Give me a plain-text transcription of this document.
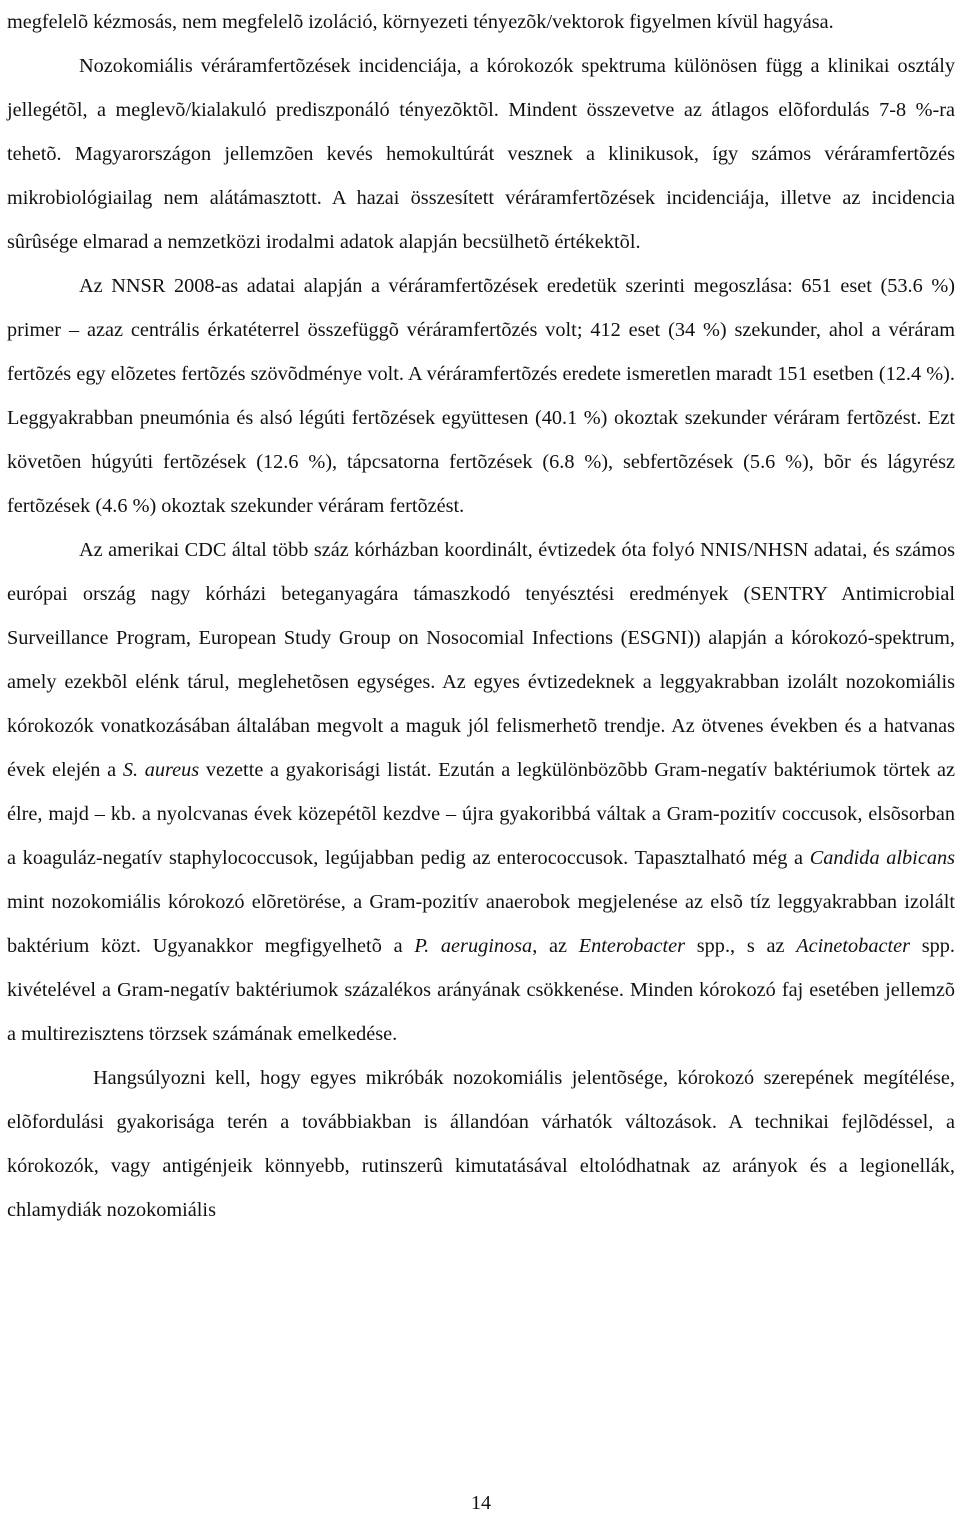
megfelelõ kézmosás, nem megfelelõ izoláció, környezeti tényezõk/vektorok figyelmen kívül hagyása.

Nozokomiális véráramfertõzések incidenciája, a kórokozók spektruma különösen függ a klinikai osztály jellegétõl, a meglevõ/kialakuló prediszponáló tényezõktõl. Mindent összevetve az átlagos elõfordulás 7-8 %-ra tehetõ. Magyarországon jellemzõen kevés hemokultúrát vesznek a klinikusok, így számos véráramfertõzés mikrobiológiailag nem alátámasztott. A hazai összesített véráramfertõzések incidenciája, illetve az incidencia sûrûsége elmarad a nemzetközi irodalmi adatok alapján becsülhetõ értékektõl.

Az NNSR 2008-as adatai alapján a véráramfertõzések eredetük szerinti megoszlása: 651 eset (53.6 %) primer – azaz centrális érkatéterrel összefüggõ véráramfertõzés volt; 412 eset (34 %) szekunder, ahol a véráram fertõzés egy elõzetes fertõzés szövõdménye volt. A véráramfertõzés eredete ismeretlen maradt 151 esetben (12.4 %). Leggyakrabban pneumónia és alsó légúti fertõzések együttesen (40.1 %) okoztak szekunder véráram fertõzést. Ezt követõen húgyúti fertõzések (12.6 %), tápcsatorna fertõzések (6.8 %), sebfertõzések (5.6 %), bõr és lágyrész fertõzések (4.6 %) okoztak szekunder véráram fertõzést.

Az amerikai CDC által több száz kórházban koordinált, évtizedek óta folyó NNIS/NHSN adatai, és számos európai ország nagy kórházi beteganyagára támaszkodó tenyésztési eredmények (SENTRY Antimicrobial Surveillance Program, European Study Group on Nosocomial Infections (ESGNI)) alapján a kórokozó-spektrum, amely ezekbõl elénk tárul, meglehetõsen egységes. Az egyes évtizedeknek a leggyakrabban izolált nozokomiális kórokozók vonatkozásában általában megvolt a maguk jól felismerhetõ trendje. Az ötvenes években és a hatvanas évek elején a S. aureus vezette a gyakorisági listát. Ezután a legkülönbözõbb Gram-negatív baktériumok törtek az élre, majd – kb. a nyolcvanas évek közepétõl kezdve – újra gyakoribbá váltak a Gram-pozitív coccusok, elsõsorban a koaguláz-negatív staphylococcusok, legújabban pedig az enterococcusok. Tapasztalható még a Candida albicans mint nozokomiális kórokozó elõretörése, a Gram-pozitív anaerobok megjelenése az elsõ tíz leggyakrabban izolált baktérium közt. Ugyanakkor megfigyelhetõ a P. aeruginosa, az Enterobacter spp., s az Acinetobacter spp. kivételével a Gram-negatív baktériumok százalékos arányának csökkenése. Minden kórokozó faj esetében jellemzõ a multirezisztens törzsek számának emelkedése.

Hangsúlyozni kell, hogy egyes mikróbák nozokomiális jelentõsége, kórokozó szerepének megítélése, elõfordulási gyakorisága terén a továbbiakban is állandóan várhatók változások. A technikai fejlõdéssel, a kórokozók, vagy antigénjeik könnyebb, rutinszerû kimutatásával eltolódhatnak az arányok és a legionellák, chlamydiák nozokomiális

14
